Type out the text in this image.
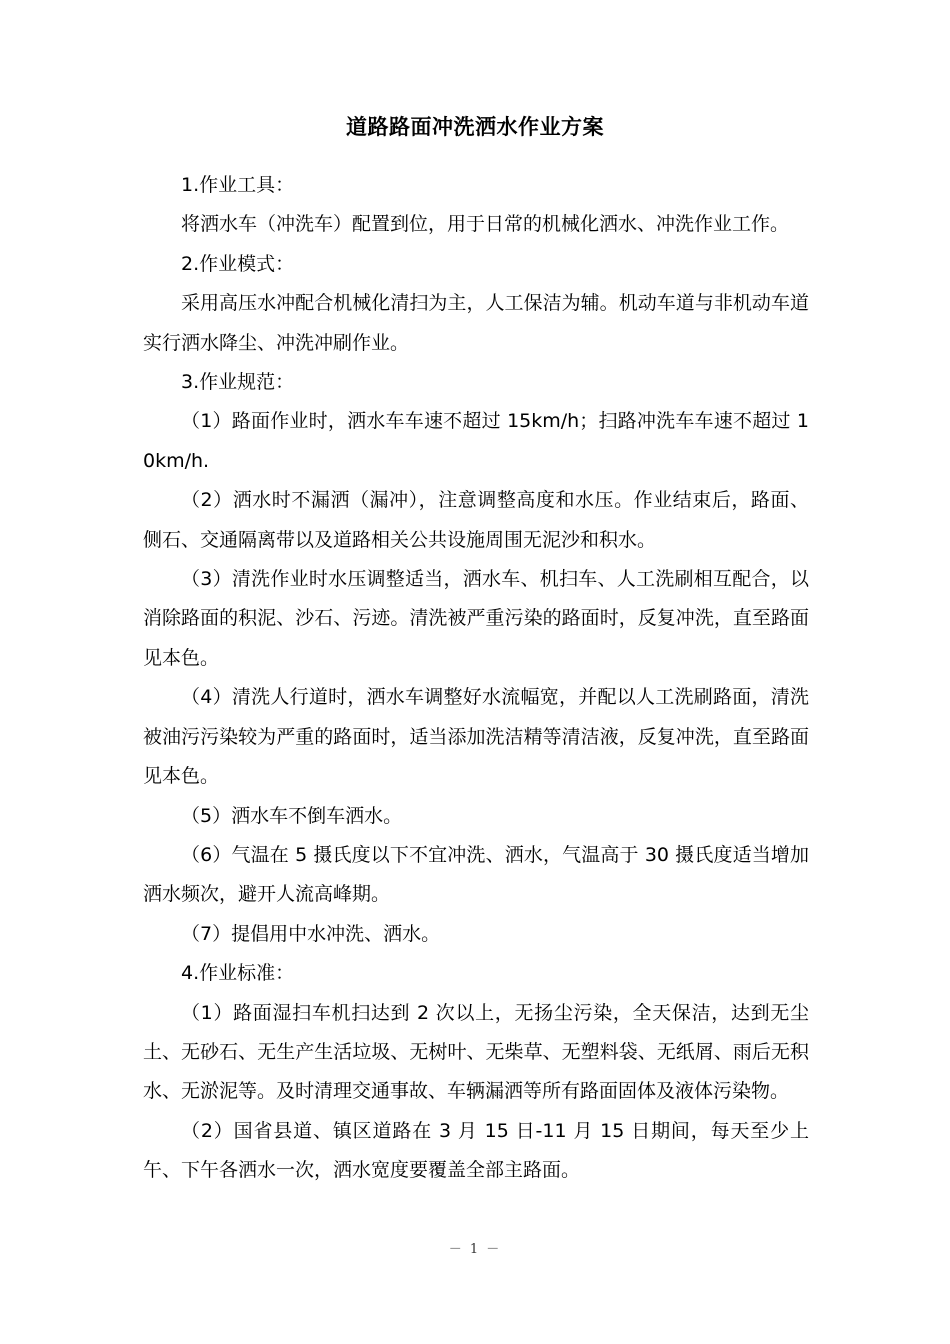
道路路面冲洗洒水作业方案

1.作业工具：

将洒水车（冲洗车）配置到位，用于日常的机械化洒水、冲洗作业工作。

2.作业模式：

采用高压水冲配合机械化清扫为主，人工保洁为辅。机动车道与非机动车道实行洒水降尘、冲洗冲刷作业。

3.作业规范：

（1）路面作业时，洒水车车速不超过 15km/h；扫路冲洗车车速不超过 10km/h.

（2）洒水时不漏洒（漏冲），注意调整高度和水压。作业结束后，路面、侧石、交通隔离带以及道路相关公共设施周围无泥沙和积水。

（3）清洗作业时水压调整适当，洒水车、机扫车、人工洗刷相互配合，以消除路面的积泥、沙石、污迹。清洗被严重污染的路面时，反复冲洗，直至路面见本色。

（4）清洗人行道时，洒水车调整好水流幅宽，并配以人工洗刷路面，清洗被油污污染较为严重的路面时，适当添加洗洁精等清洁液，反复冲洗，直至路面见本色。

（5）洒水车不倒车洒水。

（6）气温在 5 摄氏度以下不宜冲洗、洒水，气温高于 30 摄氏度适当增加洒水频次，避开人流高峰期。

（7）提倡用中水冲洗、洒水。

4.作业标准：

（1）路面湿扫车机扫达到 2 次以上，无扬尘污染，全天保洁，达到无尘土、无砂石、无生产生活垃圾、无树叶、无柴草、无塑料袋、无纸屑、雨后无积水、无淤泥等。及时清理交通事故、车辆漏洒等所有路面固体及液体污染物。

（2）国省县道、镇区道路在 3 月 15 日-11 月 15 日期间，每天至少上午、下午各洒水一次，洒水宽度要覆盖全部主路面。

－ 1 －
